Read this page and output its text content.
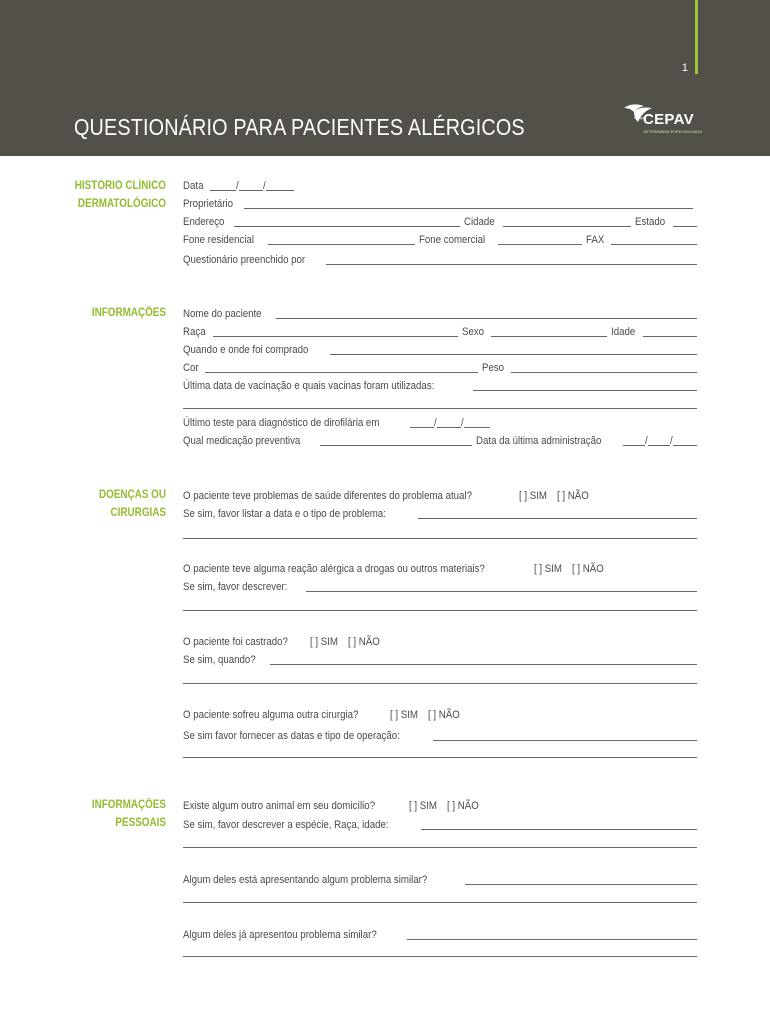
1
QUESTIONÁRIO PARA PACIENTES ALÉRGICOS	Grupo
CEPAV
VETERINÁRIA ESPECIALIZADA
HISTÓRIO CLÍNICO
DERMATOLÓGICO
INFORMAÇÕES
DOENÇAS OU
CIRURGIAS
INFORMAÇÕES
PESSOAIS
Data	/ /
Proprietário
Endereço	Cidade	Estado
Fone residencial	Fone comercial	FAX
Questionário preenchido por
Nome do paciente
Raça	Sexo	Idade
Quando e onde foi comprado
Cor	Peso
Última data de vacinação e quais vacinas foram utilizadas:
Último teste para diagnóstico de dirofilária em	/ /
Qual medicação preventiva	Data da última administração	/ /
O paciente teve problemas de saúde diferentes do problema atual?	[ ] SIM [ ] NÃO
Se sim, favor listar a data e o tipo de problema:
O paciente teve alguma reação alérgica a drogas ou outros materiais?	[ ] SIM [ ] NÃO
Se sim, favor descrever:
O paciente foi castrado? [ ] SIM [ ] NÃO
Se sim, quando?
O paciente sofreu alguma outra cirurgia?	[ ] SIM [ ] NÃO
Se sim favor fornecer as datas e tipo de operação:
Existe algum outro animal em seu domicílio?	[ ] SIM [ ] NÃO
Se sim, favor descrever a espécie, Raça, idade:
Algum deles está apresentando algum problema similar?
Algum deles já apresentou problema similar?
